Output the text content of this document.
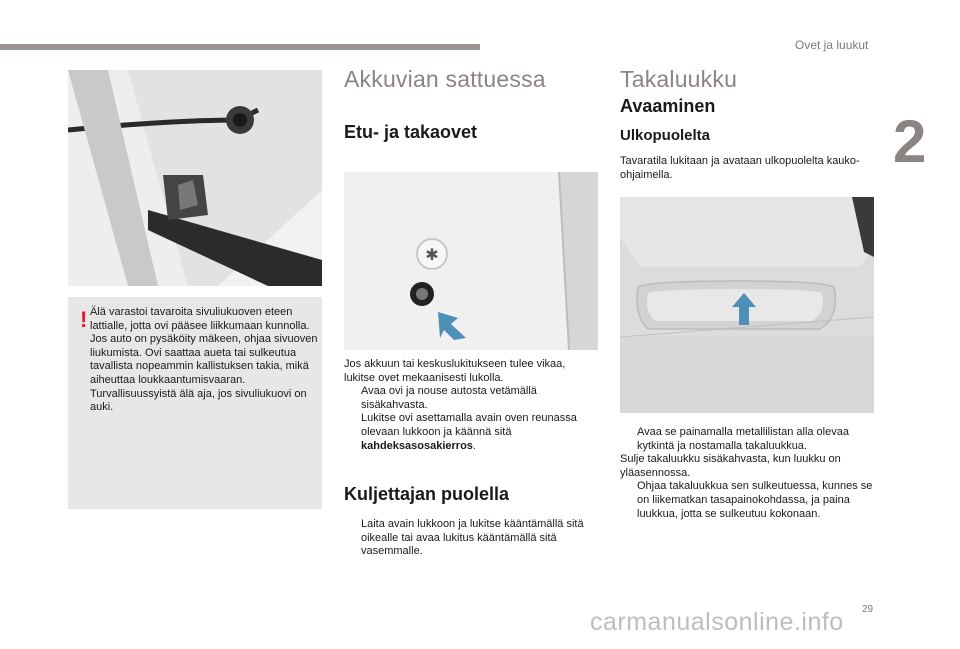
Ovet ja luukut
2
29
! Älä varastoi tavaroita sivuliukuoven eteen lattialle, jotta ovi pääsee liikkumaan kunnolla.

Jos auto on pysäköity mäkeen, ohjaa sivuoven liukumista. Ovi saattaa aueta tai sulkeutua tavallista nopeammin kallistuksen takia, mikä aiheuttaa loukkaantumisvaaran.

Turvallisuussyistä älä aja, jos sivuliukuovi on auki.

Akkuvian sattuessa
Etu- ja takaovet
✱

Jos akkuun tai keskuslukitukseen tulee vikaa, lukitse ovet mekaanisesti lukolla.

Avaa ovi ja nouse autosta vetämällä sisäkahvasta.

Lukitse ovi asettamalla avain oven reunassa olevaan lukkoon ja käännä sitä kahdeksasosakierros.

Kuljettajan puolella

Laita avain lukkoon ja lukitse kääntämällä sitä oikealle tai avaa lukitus kääntämällä sitä vasemmalle.

Takaluukku
Avaaminen
Ulkopuolelta

Tavaratila lukitaan ja avataan ulkopuolelta kauko-ohjaimella.

Avaa se painamalla metallilistan alla olevaa kytkintä ja nostamalla takaluukkua.

Sulje takaluukku sisäkahvasta, kun luukku on yläasennossa.

Ohjaa takaluukkua sen sulkeutuessa, kunnes se on liikematkan tasapainokohdassa, ja paina luukkua, jotta se sulkeutuu kokonaan.

carmanualsonline.info
